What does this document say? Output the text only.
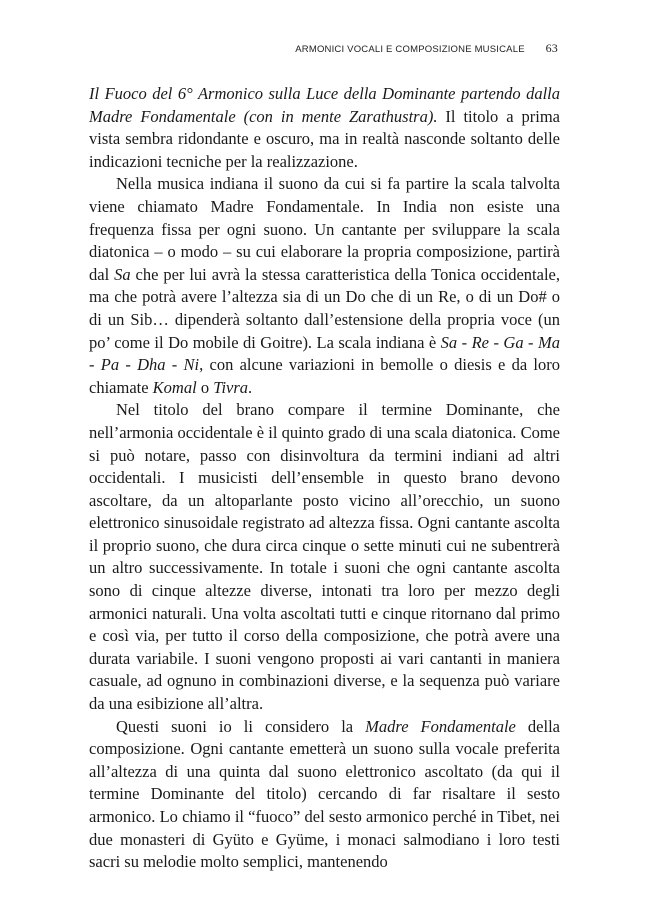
ARMONICI VOCALI E COMPOSIZIONE MUSICALE 63

Il Fuoco del 6° Armonico sulla Luce della Dominante partendo dalla Madre Fondamentale (con in mente Zarathustra). Il titolo a prima vista sembra ridondante e oscuro, ma in realtà nasconde soltanto delle indicazioni tecniche per la realizzazione.

Nella musica indiana il suono da cui si fa partire la scala talvolta viene chiamato Madre Fondamentale. In India non esiste una frequenza fissa per ogni suono. Un cantante per sviluppare la scala diatonica – o modo – su cui elaborare la propria composizione, partirà dal Sa che per lui avrà la stessa caratteristica della Tonica occidentale, ma che potrà avere l’altezza sia di un Do che di un Re, o di un Do# o di un Sib… dipenderà soltanto dall’estensione della propria voce (un po’ come il Do mobile di Goitre). La scala indiana è Sa - Re - Ga - Ma - Pa - Dha - Ni, con alcune variazioni in bemolle o diesis e da loro chiamate Komal o Tivra.

Nel titolo del brano compare il termine Dominante, che nell’armonia occidentale è il quinto grado di una scala diatonica. Come si può notare, passo con disinvoltura da termini indiani ad altri occidentali. I musicisti dell’ensemble in questo brano devono ascoltare, da un altoparlante posto vicino all’orecchio, un suono elettronico sinusoidale registrato ad altezza fissa. Ogni cantante ascolta il proprio suono, che dura circa cinque o sette minuti cui ne subentrerà un altro successivamente. In totale i suoni che ogni cantante ascolta sono di cinque altezze diverse, intonati tra loro per mezzo degli armonici naturali. Una volta ascoltati tutti e cinque ritornano dal primo e così via, per tutto il corso della composizione, che potrà avere una durata variabile. I suoni vengono proposti ai vari cantanti in maniera casuale, ad ognuno in combinazioni diverse, e la sequenza può variare da una esibizione all’altra.

Questi suoni io li considero la Madre Fondamentale della composizione. Ogni cantante emetterà un suono sulla vocale preferita all’altezza di una quinta dal suono elettronico ascoltato (da qui il termine Dominante del titolo) cercando di far risaltare il sesto armonico. Lo chiamo il “fuoco” del sesto armonico perché in Tibet, nei due monasteri di Gyüto e Gyüme, i monaci salmodiano i loro testi sacri su melodie molto semplici, mantenendo
